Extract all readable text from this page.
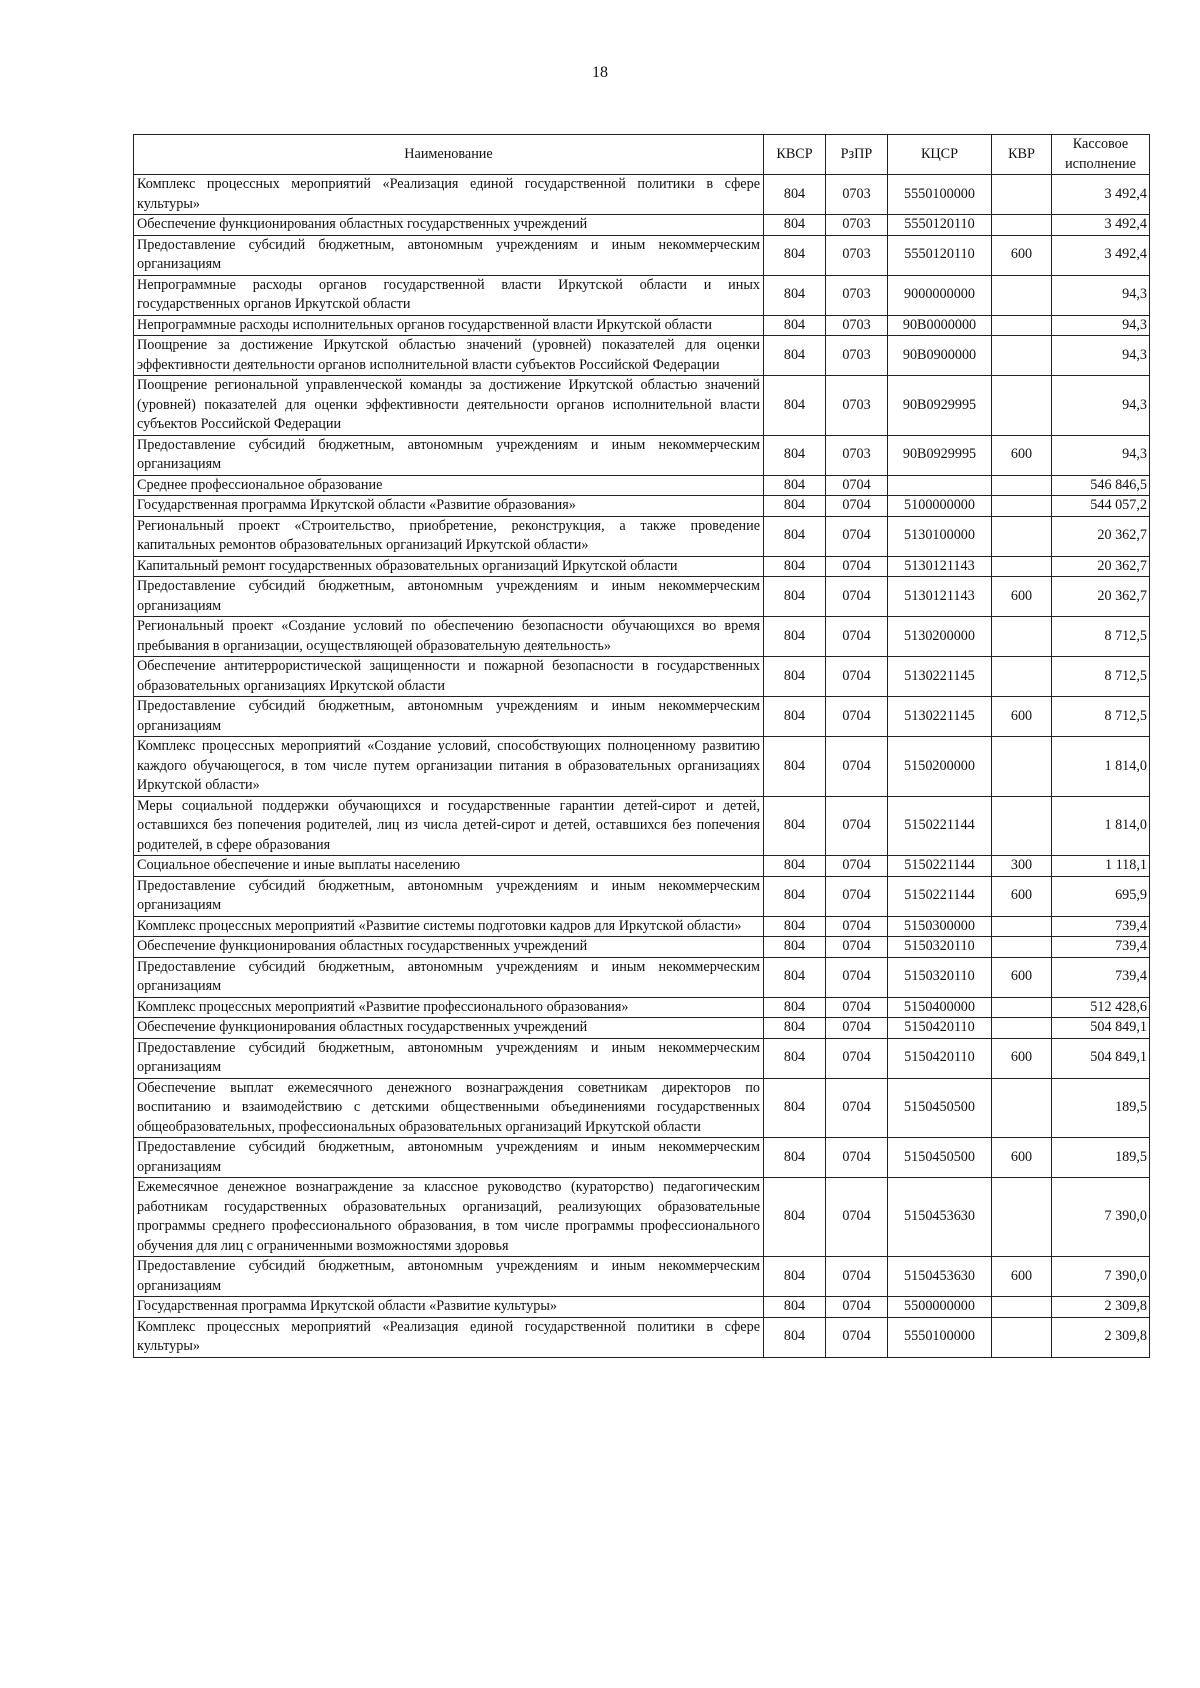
18
Наименование	КВСР	РзПР	КЦСР	КВР	Кассовое исполнение
Комплекс процессных мероприятий «Реализация единой государственной политики в сфере культуры»	804	0703	5550100000		3 492,4
Обеспечение функционирования областных государственных учреждений	804	0703	5550120110		3 492,4
Предоставление субсидий бюджетным, автономным учреждениям и иным некоммерческим организациям	804	0703	5550120110	600	3 492,4
Непрограммные расходы органов государственной власти Иркутской области и иных государственных органов Иркутской области	804	0703	9000000000		94,3
Непрограммные расходы исполнительных органов государственной власти Иркутской области	804	0703	90В0000000		94,3
Поощрение за достижение Иркутской областью значений (уровней) показателей для оценки эффективности деятельности органов исполнительной власти субъектов Российской Федерации	804	0703	90В0900000		94,3
Поощрение региональной управленческой команды за достижение Иркутской областью значений (уровней) показателей для оценки эффективности деятельности органов исполнительной власти субъектов Российской Федерации	804	0703	90В0929995		94,3
Предоставление субсидий бюджетным, автономным учреждениям и иным некоммерческим организациям	804	0703	90В0929995	600	94,3
Среднее профессиональное образование	804	0704			546 846,5
Государственная программа Иркутской области «Развитие образования»	804	0704	5100000000		544 057,2
Региональный проект «Строительство, приобретение, реконструкция, а также проведение капитальных ремонтов образовательных организаций Иркутской области»	804	0704	5130100000		20 362,7
Капитальный ремонт государственных образовательных организаций Иркутской области	804	0704	5130121143		20 362,7
Предоставление субсидий бюджетным, автономным учреждениям и иным некоммерческим организациям	804	0704	5130121143	600	20 362,7
Региональный проект «Создание условий по обеспечению безопасности обучающихся во время пребывания в организации, осуществляющей образовательную деятельность»	804	0704	5130200000		8 712,5
Обеспечение антитеррористической защищенности и пожарной безопасности в государственных образовательных организациях Иркутской области	804	0704	5130221145		8 712,5
Предоставление субсидий бюджетным, автономным учреждениям и иным некоммерческим организациям	804	0704	5130221145	600	8 712,5
Комплекс процессных мероприятий «Создание условий, способствующих полноценному развитию каждого обучающегося, в том числе путем организации питания в образовательных организациях Иркутской области»	804	0704	5150200000		1 814,0
Меры социальной поддержки обучающихся и государственные гарантии детей-сирот и детей, оставшихся без попечения родителей, лиц из числа детей-сирот и детей, оставшихся без попечения родителей, в сфере образования	804	0704	5150221144		1 814,0
Социальное обеспечение и иные выплаты населению	804	0704	5150221144	300	1 118,1
Предоставление субсидий бюджетным, автономным учреждениям и иным некоммерческим организациям	804	0704	5150221144	600	695,9
Комплекс процессных мероприятий «Развитие системы подготовки кадров для Иркутской области»	804	0704	5150300000		739,4
Обеспечение функционирования областных государственных учреждений	804	0704	5150320110		739,4
Предоставление субсидий бюджетным, автономным учреждениям и иным некоммерческим организациям	804	0704	5150320110	600	739,4
Комплекс процессных мероприятий «Развитие профессионального образования»	804	0704	5150400000		512 428,6
Обеспечение функционирования областных государственных учреждений	804	0704	5150420110		504 849,1
Предоставление субсидий бюджетным, автономным учреждениям и иным некоммерческим организациям	804	0704	5150420110	600	504 849,1
Обеспечение выплат ежемесячного денежного вознаграждения советникам директоров по воспитанию и взаимодействию с детскими общественными объединениями государственных общеобразовательных, профессиональных образовательных организаций Иркутской области	804	0704	5150450500		189,5
Предоставление субсидий бюджетным, автономным учреждениям и иным некоммерческим организациям	804	0704	5150450500	600	189,5
Ежемесячное денежное вознаграждение за классное руководство (кураторство) педагогическим работникам государственных образовательных организаций, реализующих образовательные программы среднего профессионального образования, в том числе программы профессионального обучения для лиц с ограниченными возможностями здоровья	804	0704	5150453630		7 390,0
Предоставление субсидий бюджетным, автономным учреждениям и иным некоммерческим организациям	804	0704	5150453630	600	7 390,0
Государственная программа Иркутской области «Развитие культуры»	804	0704	5500000000		2 309,8
Комплекс процессных мероприятий «Реализация единой государственной политики в сфере культуры»	804	0704	5550100000		2 309,8
